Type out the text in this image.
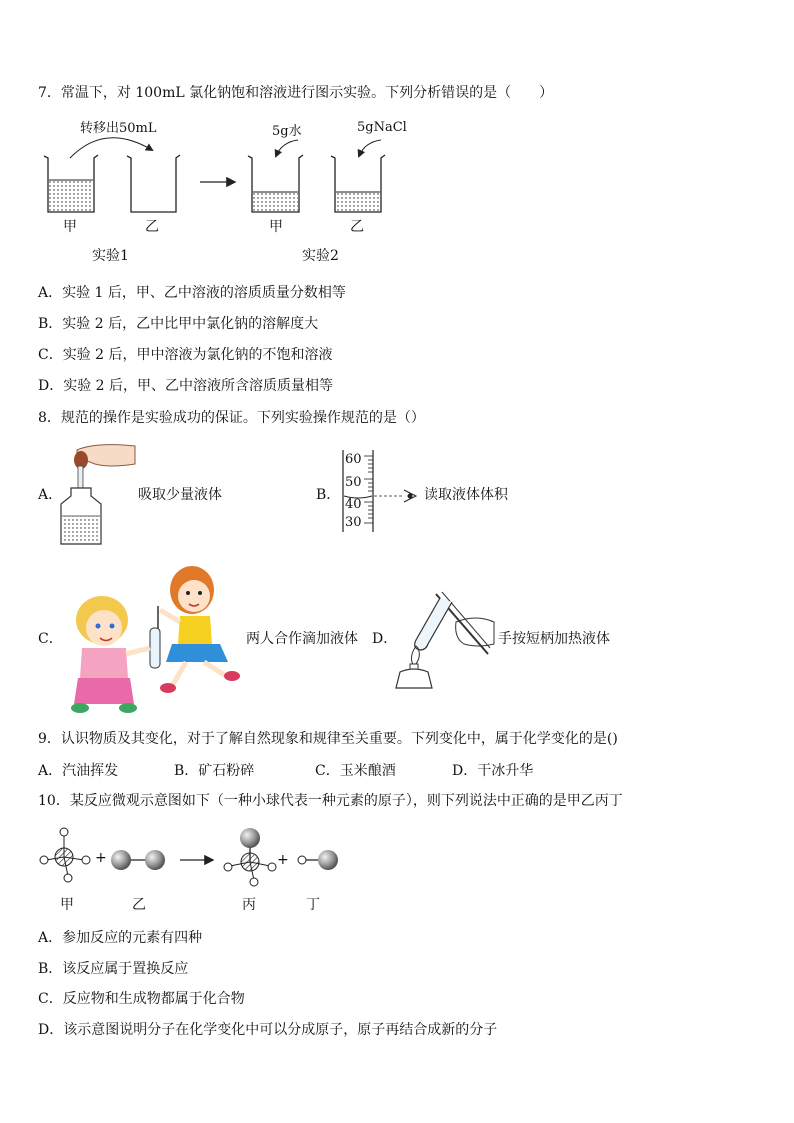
7．常温下，对 100mL 氯化钠饱和溶液进行图示实验。下列分析错误的是（　　）
转移出50mL	5g水	5gNaCl
甲	乙	甲	乙
实验1	实验2
A．实验 1 后，甲、乙中溶液的溶质质量分数相等
B．实验 2 后，乙中比甲中氯化钠的溶解度大
C．实验 2 后，甲中溶液为氯化钠的不饱和溶液
D．实验 2 后，甲、乙中溶液所含溶质质量相等
8．规范的操作是实验成功的保证。下列实验操作规范的是（）
A．	吸取少量液体	B．
60
50
40
30
读取液体体积
C．	两人合作滴加液体 D．	手按短柄加热液体
9．认识物质及其变化，对于了解自然现象和规律至关重要。下列变化中，属于化学变化的是()
A．汽油挥发	B．矿石粉碎	C．玉米酿酒	D．干冰升华
10．某反应微观示意图如下（一种小球代表一种元素的原子），则下列说法中正确的是甲乙丙丁
+	+
甲	乙	丙	丁
A．参加反应的元素有四种
B．该反应属于置换反应
C．反应物和生成物都属于化合物
D．该示意图说明分子在化学变化中可以分成原子，原子再结合成新的分子
